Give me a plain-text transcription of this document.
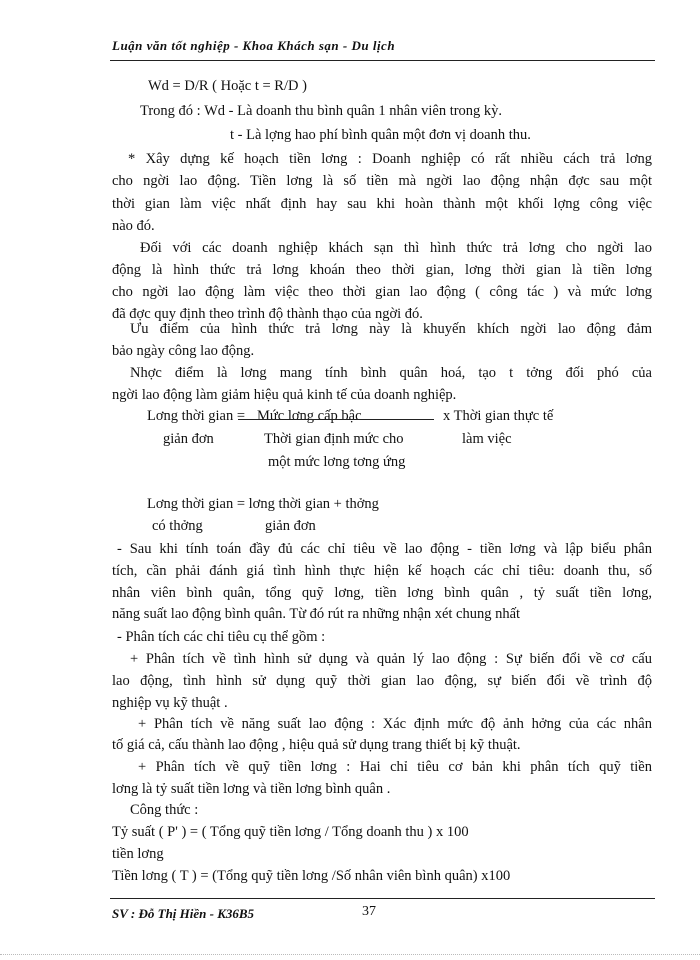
Luận văn tốt nghiệp - Khoa Khách sạn - Du lịch
Wd = D/R ( Hoặc t = R/D )
Trong đó : Wd - Là doanh thu bình quân 1 nhân viên trong kỳ.
t - Là lợng hao phí bình quân một đơn vị doanh thu.
* Xây dựng kế hoạch tiền lơng : Doanh nghiệp có rất nhiều cách trả lơng
cho ngời lao động. Tiền lơng là số tiền mà ngời lao động nhận đợc sau một
thời gian làm việc nhất định hay sau khi hoàn thành một khối lợng công việc
nào đó.
Đối với các doanh nghiệp khách sạn thì hình thức trả lơng cho ngời lao
động là hình thức trả lơng khoán theo thời gian, lơng thời gian là tiền lơng
cho ngời lao động làm việc theo thời gian lao động ( công tác ) và mức lơng
đã đợc quy định theo trình độ thành thạo của ngời đó.
Ưu điểm của hình thức trả lơng này là khuyến khích ngời lao động đảm
bảo ngày công lao động.
Nhợc điểm là lơng mang tính bình quân hoá, tạo t tởng đối phó của
ngời lao động làm giảm hiệu quả kinh tế của doanh nghiệp.
Lơng thời gian = Mức lơng cấp bậc	x Thời gian thực tế
giản đơn	Thời gian định mức cho	làm việc
một mức lơng tơng ứng
Lơng thời gian = lơng thời gian + thởng
có thởng	giản đơn
- Sau khi tính toán đầy đủ các chỉ tiêu về lao động - tiền lơng và lập biểu phân
tích, cần phải đánh giá tình hình thực hiện kế hoạch các chỉ tiêu: doanh thu, số
nhân viên bình quân, tổng quỹ lơng, tiền lơng bình quân , tỷ suất tiền lơng,
năng suất lao động bình quân. Từ đó rút ra những nhận xét chung nhất
- Phân tích các chỉ tiêu cụ thể gồm :
+ Phân tích về tình hình sử dụng và quản lý lao động : Sự biến đổi về cơ cấu
lao động, tình hình sử dụng quỹ thời gian lao động, sự biến đổi về trình độ
nghiệp vụ kỹ thuật .
+ Phân tích về năng suất lao động : Xác định mức độ ảnh hởng của các nhân
tố giá cả, cấu thành lao động , hiệu quả sử dụng trang thiết bị kỹ thuật.
+ Phân tích về quỹ tiền lơng : Hai chỉ tiêu cơ bản khi phân tích quỹ tiền
lơng là tỷ suất tiền lơng và tiền lơng bình quân .
Công thức :
Tỷ suất ( P' ) = ( Tổng quỹ tiền lơng / Tổng doanh thu ) x 100
tiền lơng
Tiền lơng ( T ) = (Tổng quỹ tiền lơng /Số nhân viên bình quân) x100
SV : Đỗ Thị Hiền - K36B5	37
